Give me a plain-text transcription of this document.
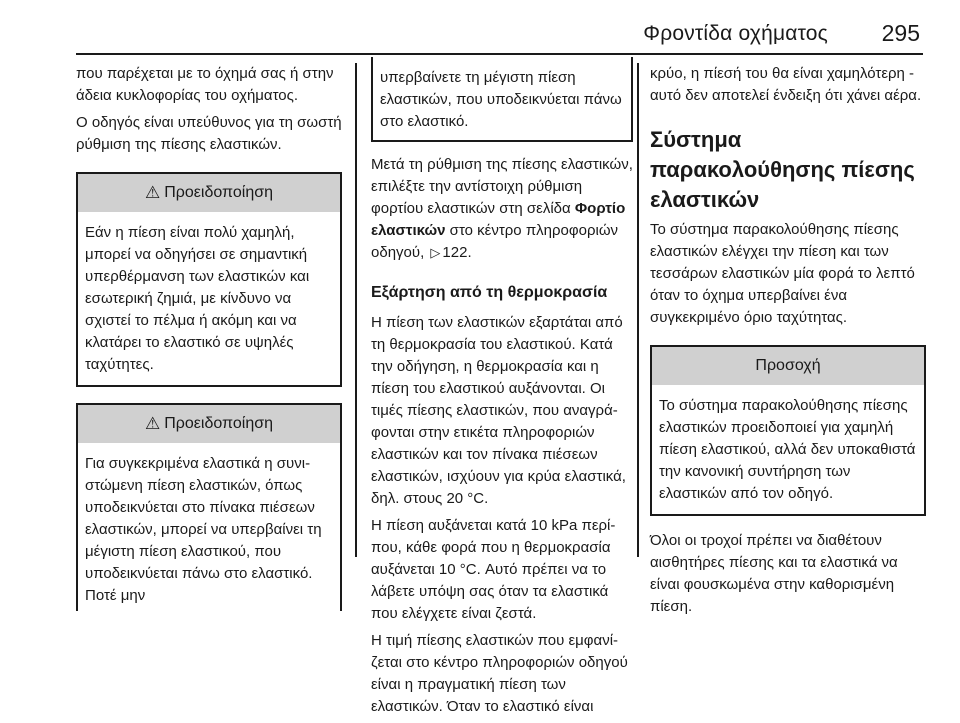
Φροντίδα οχήματος 295

που παρέχεται με το όχημά σας ή στην άδεια κυκλοφορίας του οχήματος.

Ο οδηγός είναι υπεύθυνος για τη σωστή ρύθμιση της πίεσης ελαστικών.

⚠ Προειδοποίηση
Εάν η πίεση είναι πολύ χαμηλή, μπορεί να οδηγήσει σε σημαντική υπερθέρμανση των ελαστικών και εσωτερική ζημιά, με κίνδυνο να σχιστεί το πέλμα ή ακόμη και να κλατάρει το ελαστικό σε υψηλές ταχύτητες.
⚠ Προειδοποίηση
Για συγκεκριμένα ελαστικά η συνιστώμενη πίεση ελαστικών, όπως υποδεικνύεται στο πίνακα πιέσεων ελαστικών, μπορεί να υπερβαίνει τη μέγιστη πίεση ελαστικού, που υποδεικνύεται πάνω στο ελαστικό. Ποτέ μην
υπερβαίνετε τη μέγιστη πίεση ελαστικών, που υποδεικνύεται πάνω στο ελαστικό.

Μετά τη ρύθμιση της πίεσης ελαστικών, επιλέξτε την αντίστοιχη ρύθμιση φορτίου ελαστικών στη σελίδα Φορτίο ελαστικών στο κέντρο πληροφοριών οδηγού, ▷ 122.

Εξάρτηση από τη θερμοκρασία

Η πίεση των ελαστικών εξαρτάται από τη θερμοκρασία του ελαστικού. Κατά την οδήγηση, η θερμοκρασία και η πίεση του ελαστικού αυξάνονται. Οι τιμές πίεσης ελαστικών, που αναγράφονται στην ετικέτα πληροφοριών ελαστικών και τον πίνακα πιέσεων ελαστικών, ισχύουν για κρύα ελαστικά, δηλ. στους 20 °C.

Η πίεση αυξάνεται κατά 10 kPa περίπου, κάθε φορά που η θερμοκρασία αυξάνεται 10 °C. Αυτό πρέπει να το λάβετε υπόψη σας όταν τα ελαστικά που ελέγχετε είναι ζεστά.

Η τιμή πίεσης ελαστικών που εμφανίζεται στο κέντρο πληροφοριών οδηγού είναι η πραγματική πίεση των ελαστικών. Όταν το ελαστικό είναι

κρύο, η πίεσή του θα είναι χαμηλότερη - αυτό δεν αποτελεί ένδειξη ότι χάνει αέρα.

Σύστημα παρακολούθησης πίεσης ελαστικών

Το σύστημα παρακολούθησης πίεσης ελαστικών ελέγχει την πίεση και των τεσσάρων ελαστικών μία φορά το λεπτό όταν το όχημα υπερβαίνει ένα συγκεκριμένο όριο ταχύτητας.

Προσοχή
Το σύστημα παρακολούθησης πίεσης ελαστικών προειδοποιεί για χαμηλή πίεση ελαστικού, αλλά δεν υποκαθιστά την κανονική συντήρηση των ελαστικών από τον οδηγό.

Όλοι οι τροχοί πρέπει να διαθέτουν αισθητήρες πίεσης και τα ελαστικά να είναι φουσκωμένα στην καθορισμένη πίεση.
